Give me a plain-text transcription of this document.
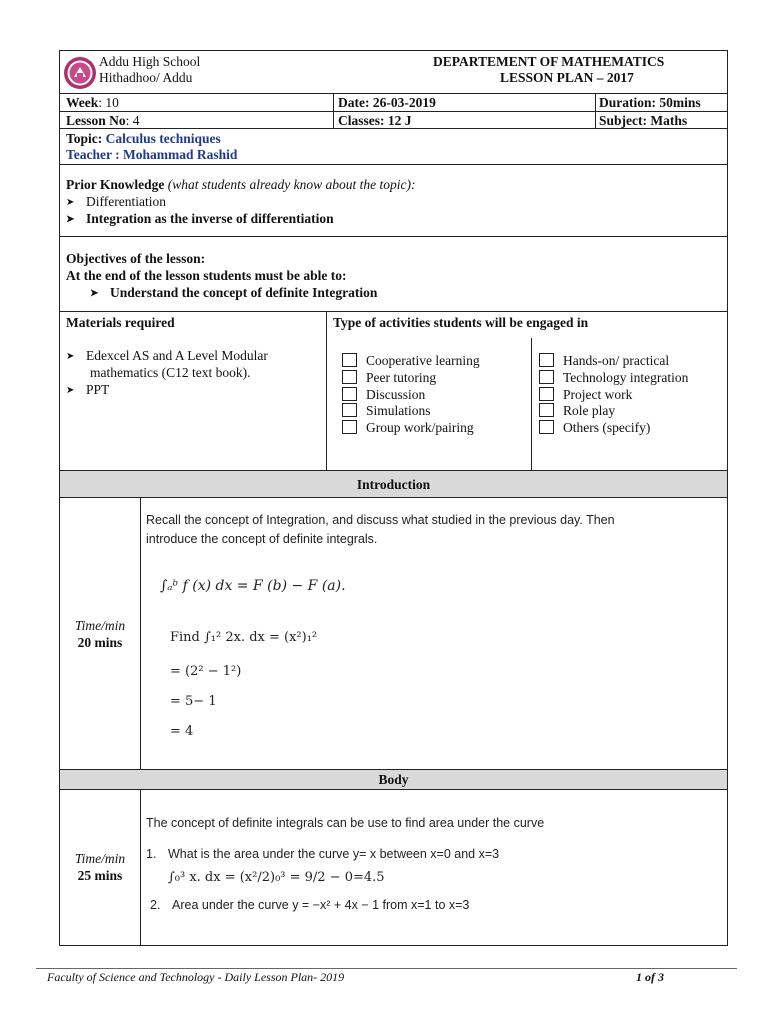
Addu High School
Hithadhoo/ Addu
DEPARTEMENT OF MATHEMATICS
LESSON PLAN – 2017
Week: 10	Date: 26-03-2019	Duration: 50mins
Lesson No: 4	Classes: 12 J	Subject: Maths
Topic: Calculus techniques
Teacher : Mohammad Rashid
Prior Knowledge (what students already know about the topic):
➤ Differentiation
➤ Integration as the inverse of differentiation
Objectives of the lesson:
At the end of the lesson students must be able to:
➤ Understand the concept of definite Integration
Materials required
➤ Edexcel AS and A Level Modular
mathematics (C12 text book).
➤ PPT
Type of activities students will be engaged in
Cooperative learning
Peer tutoring
Discussion
Simulations
Group work/pairing
Hands-on/ practical
Technology integration
Project work
Role play
Others (specify)
Introduction
Time/min
20 mins
Recall the concept of Integration, and discuss what studied in the previous day. Then
introduce the concept of definite integrals.
∫ₐᵇ f (x) dx = F (b) − F (a).
Find ∫₁² 2x. dx = (x²)₁²
= (2² − 1²)
= 5− 1
= 4
Body
Time/min
25 mins
The concept of definite integrals can be use to find area under the curve
1. What is the area under the curve y= x between x=0 and x=3
∫₀³ x. dx = (x²/2)₀³ = 9/2 − 0=4.5
2. Area under the curve y = −x² + 4x − 1 from x=1 to x=3
Faculty of Science and Technology - Daily Lesson Plan- 2019	1 of 3
